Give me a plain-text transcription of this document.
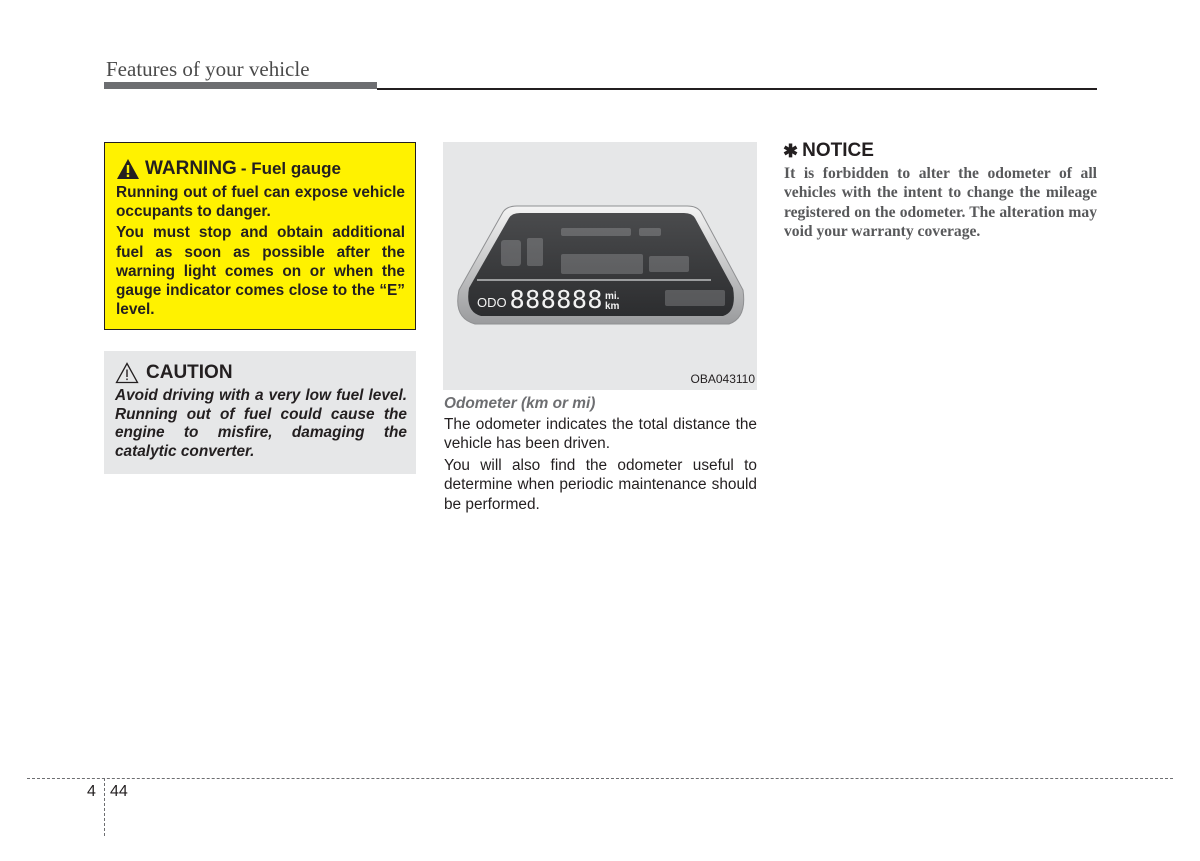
Features of your vehicle
WARNING - Fuel gauge

Running out of fuel can expose vehicle occupants to danger.

You must stop and obtain additional fuel as soon as possible after the warning light comes on or when the gauge indicator comes close to the “E” level.

CAUTION

Avoid driving with a very low fuel level. Running out of fuel could cause the engine to misfire, damaging the catalytic converter.

ODO 888888 mi.
km
OBA043110
Odometer (km or mi)

The odometer indicates the total distance the vehicle has been driven.

You will also find the odometer useful to determine when periodic maintenance should be performed.

✱ NOTICE

It is forbidden to alter the odometer of all vehicles with the intent to change the mileage registered on the odometer. The alteration may void your warranty coverage.

4 44
